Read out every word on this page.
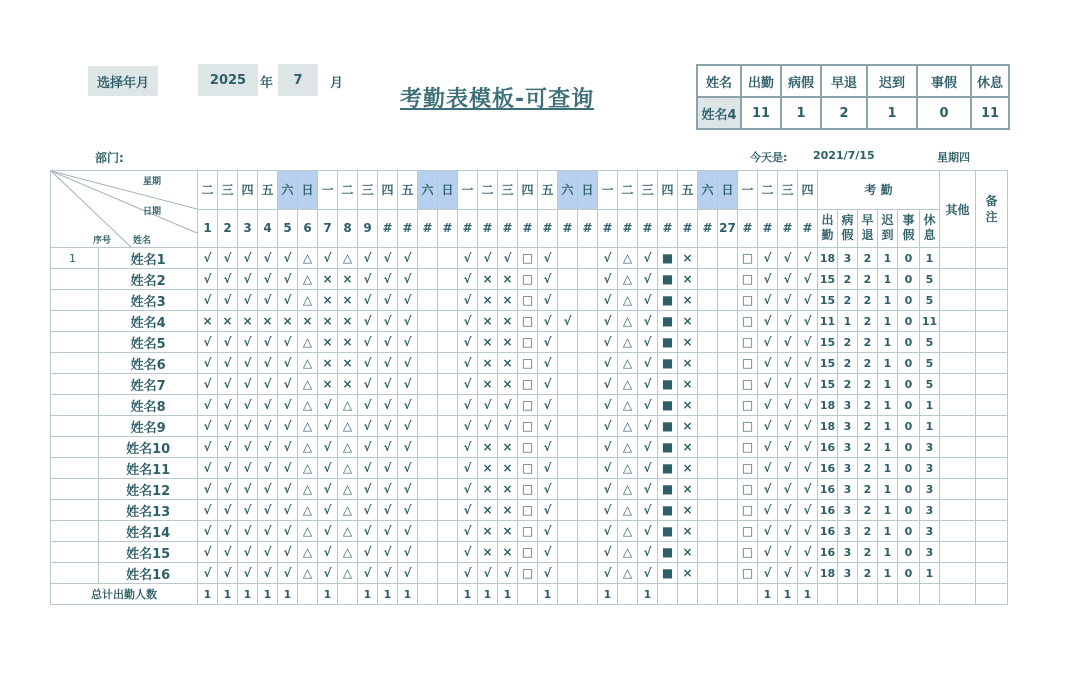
选择年月	2025	年	7	月
考勤表模板-可查询
姓名	出勤	病假	早退	迟到	事假	休息
姓名4	11	1	2	1	0	11
部门:	今天是: 2021/7/15	星期四
星期
日期
序号 姓名		二	三	四	五	六	日	一	二	三	四	五	六	日	一	二	三	四	五	六	日	一	二	三	四	五	六	日	一	二	三	四	考 勤						其他	备注
		1	2	3	4	5	6	7	8	9	#	#	#	#	#	#	#	#	#	#	#	#	#	#	#	#	#	27	#	#	#	#	出勤	病假	早退	迟到	事假	休息		
1	姓名1	√	√	√	√	√	△	√	△	√	√	√			√	√	√	□	√			√	△	√	■	×			□	√	√	√	18	3	2	1	0	1		
	姓名2	√	√	√	√	√	△	×	×	√	√	√			√	×	×	□	√			√	△	√	■	×			□	√	√	√	15	2	2	1	0	5		
	姓名3	√	√	√	√	√	△	×	×	√	√	√			√	×	×	□	√			√	△	√	■	×			□	√	√	√	15	2	2	1	0	5		
	姓名4	×	×	×	×	×	×	×	×	√	√	√			√	×	×	□	√	√		√	△	√	■	×			□	√	√	√	11	1	2	1	0	11		
	姓名5	√	√	√	√	√	△	×	×	√	√	√			√	×	×	□	√			√	△	√	■	×			□	√	√	√	15	2	2	1	0	5		
	姓名6	√	√	√	√	√	△	×	×	√	√	√			√	×	×	□	√			√	△	√	■	×			□	√	√	√	15	2	2	1	0	5		
	姓名7	√	√	√	√	√	△	×	×	√	√	√			√	×	×	□	√			√	△	√	■	×			□	√	√	√	15	2	2	1	0	5		
	姓名8	√	√	√	√	√	△	√	△	√	√	√			√	√	√	□	√			√	△	√	■	×			□	√	√	√	18	3	2	1	0	1		
	姓名9	√	√	√	√	√	△	√	△	√	√	√			√	√	√	□	√			√	△	√	■	×			□	√	√	√	18	3	2	1	0	1		
	姓名10	√	√	√	√	√	△	√	△	√	√	√			√	×	×	□	√			√	△	√	■	×			□	√	√	√	16	3	2	1	0	3		
	姓名11	√	√	√	√	√	△	√	△	√	√	√			√	×	×	□	√			√	△	√	■	×			□	√	√	√	16	3	2	1	0	3		
	姓名12	√	√	√	√	√	△	√	△	√	√	√			√	×	×	□	√			√	△	√	■	×			□	√	√	√	16	3	2	1	0	3		
	姓名13	√	√	√	√	√	△	√	△	√	√	√			√	×	×	□	√			√	△	√	■	×			□	√	√	√	16	3	2	1	0	3		
	姓名14	√	√	√	√	√	△	√	△	√	√	√			√	×	×	□	√			√	△	√	■	×			□	√	√	√	16	3	2	1	0	3		
	姓名15	√	√	√	√	√	△	√	△	√	√	√			√	×	×	□	√			√	△	√	■	×			□	√	√	√	16	3	2	1	0	3		
	姓名16	√	√	√	√	√	△	√	△	√	√	√			√	√	√	□	√			√	△	√	■	×			□	√	√	√	18	3	2	1	0	1		
总计出勤人数		1	1	1	1	1		1		1	1	1			1	1	1		1			1		1						1	1	1								
